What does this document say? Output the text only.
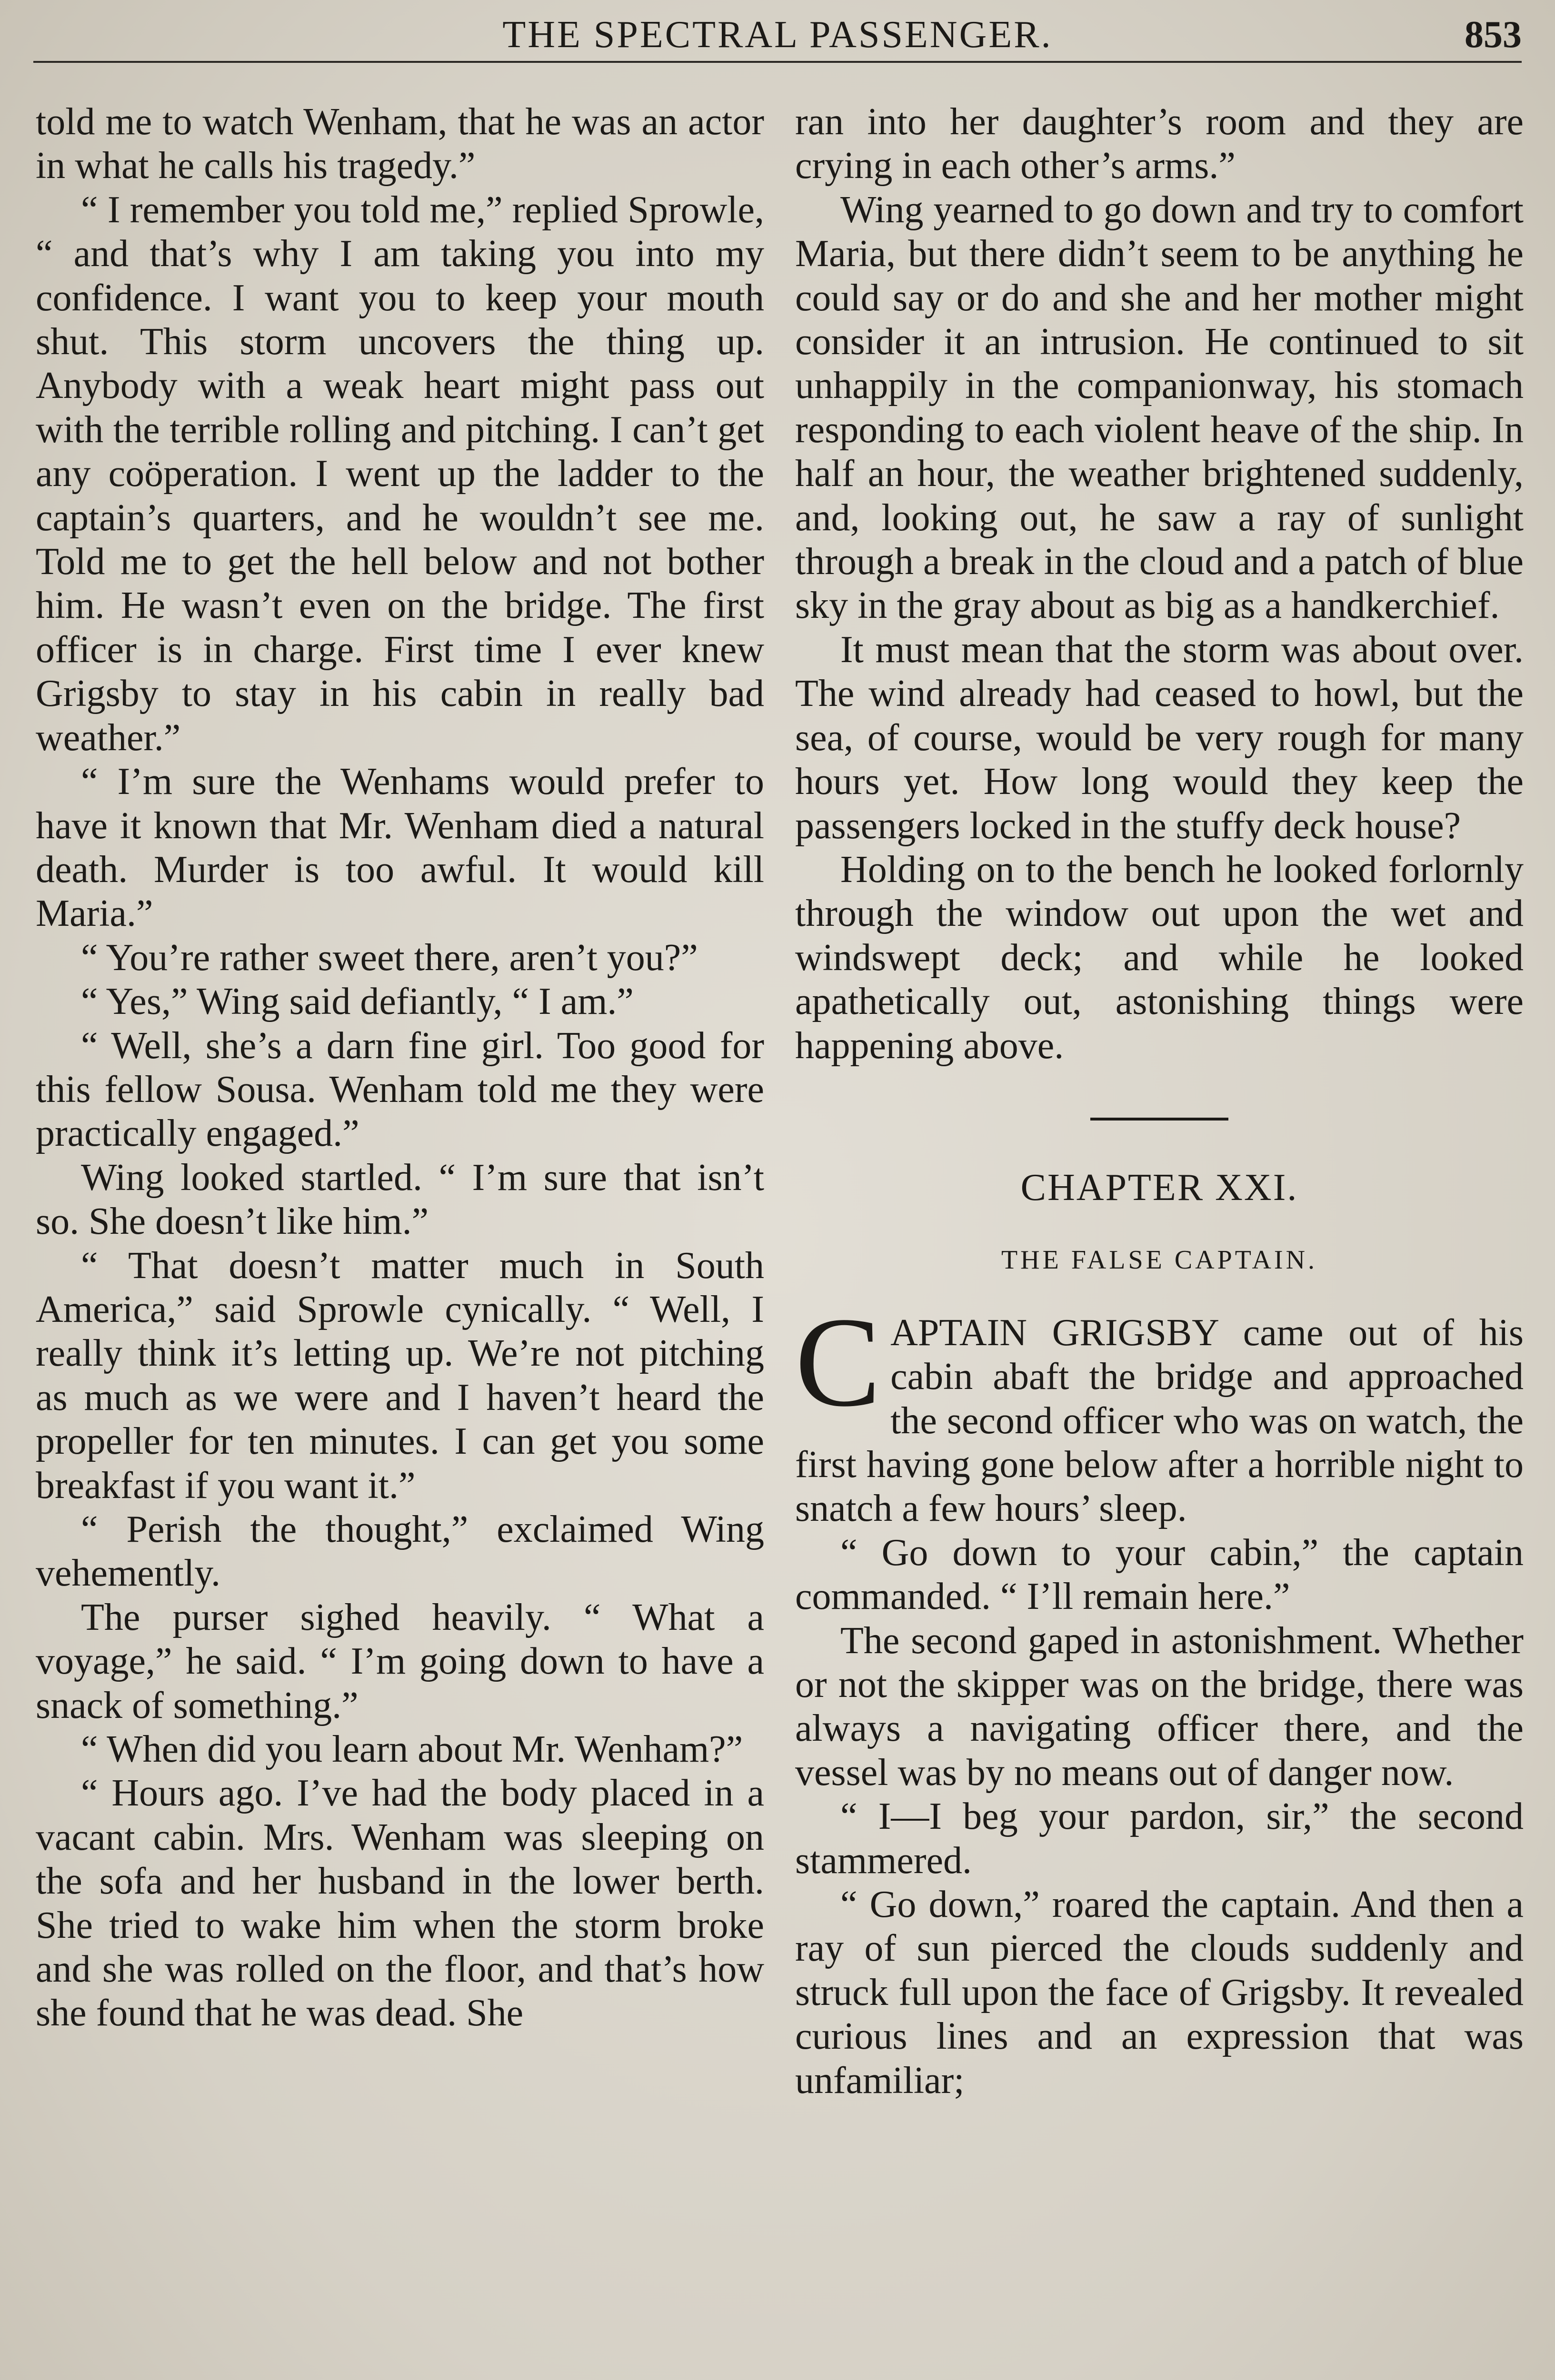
THE SPECTRAL PASSENGER.	853

told me to watch Wenham, that he was an actor in what he calls his tragedy.”

“ I remember you told me,” replied Sprowle, “ and that’s why I am taking you into my confidence. I want you to keep your mouth shut. This storm uncovers the thing up. Anybody with a weak heart might pass out with the terrible rolling and pitching. I can’t get any coöperation. I went up the ladder to the captain’s quarters, and he wouldn’t see me. Told me to get the hell below and not bother him. He wasn’t even on the bridge. The first officer is in charge. First time I ever knew Grigsby to stay in his cabin in really bad weather.”

“ I’m sure the Wenhams would prefer to have it known that Mr. Wenham died a natural death. Murder is too awful. It would kill Maria.”

“ You’re rather sweet there, aren’t you?”

“ Yes,” Wing said defiantly, “ I am.”

“ Well, she’s a darn fine girl. Too good for this fellow Sousa. Wenham told me they were practically engaged.”

Wing looked startled. “ I’m sure that isn’t so. She doesn’t like him.”

“ That doesn’t matter much in South America,” said Sprowle cynically. “ Well, I really think it’s letting up. We’re not pitching as much as we were and I haven’t heard the propeller for ten minutes. I can get you some breakfast if you want it.”

“ Perish the thought,” exclaimed Wing vehemently.

The purser sighed heavily. “ What a voyage,” he said. “ I’m going down to have a snack of something.”

“ When did you learn about Mr. Wenham?”

“ Hours ago. I’ve had the body placed in a vacant cabin. Mrs. Wenham was sleeping on the sofa and her husband in the lower berth. She tried to wake him when the storm broke and she was rolled on the floor, and that’s how she found that he was dead. She

ran into her daughter’s room and they are crying in each other’s arms.”

Wing yearned to go down and try to comfort Maria, but there didn’t seem to be anything he could say or do and she and her mother might consider it an intrusion. He continued to sit unhappily in the companionway, his stomach responding to each violent heave of the ship. In half an hour, the weather brightened suddenly, and, looking out, he saw a ray of sunlight through a break in the cloud and a patch of blue sky in the gray about as big as a handkerchief.

It must mean that the storm was about over. The wind already had ceased to howl, but the sea, of course, would be very rough for many hours yet. How long would they keep the passengers locked in the stuffy deck house?

Holding on to the bench he looked forlornly through the window out upon the wet and windswept deck; and while he looked apathetically out, astonishing things were happening above.

CHAPTER XXI.
THE FALSE CAPTAIN.

CAPTAIN GRIGSBY came out of his cabin abaft the bridge and approached the second officer who was on watch, the first having gone below after a horrible night to snatch a few hours’ sleep.

“ Go down to your cabin,” the captain commanded. “ I’ll remain here.”

The second gaped in astonishment. Whether or not the skipper was on the bridge, there was always a navigating officer there, and the vessel was by no means out of danger now.

“ I—I beg your pardon, sir,” the second stammered.

“ Go down,” roared the captain. And then a ray of sun pierced the clouds suddenly and struck full upon the face of Grigsby. It revealed curious lines and an expression that was unfamiliar;
